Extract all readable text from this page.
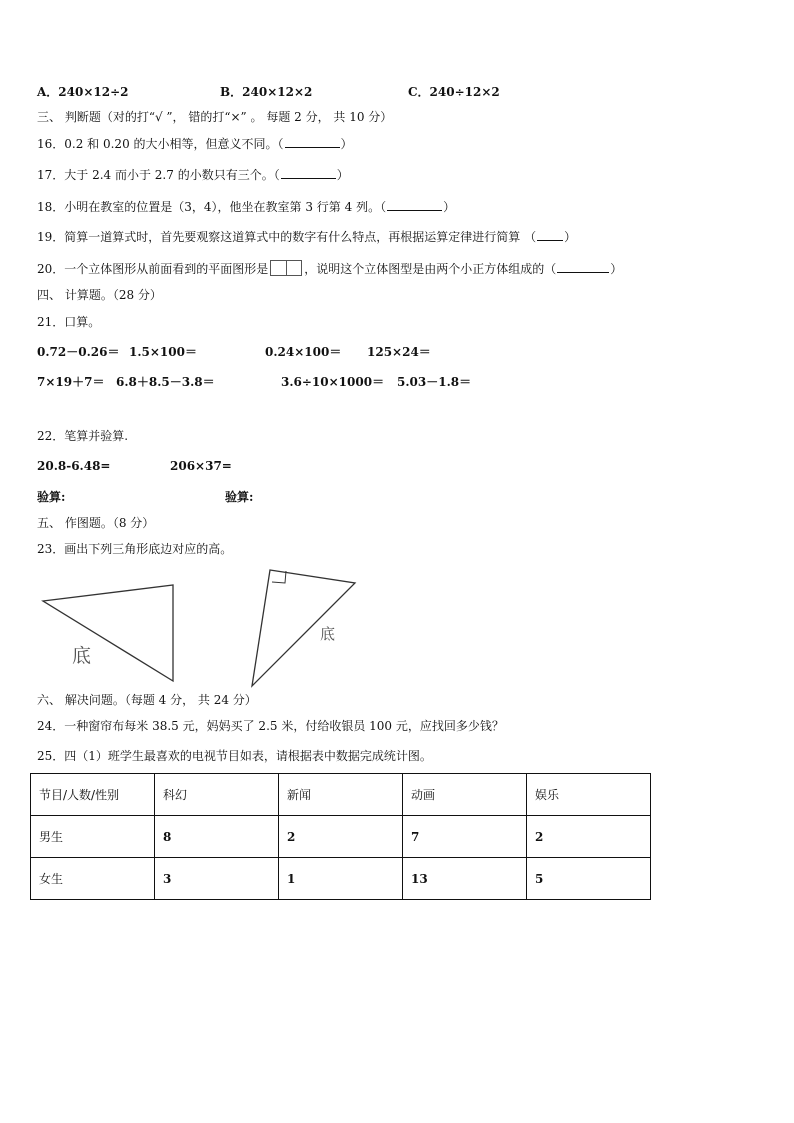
A．240×12÷2	B．240×12×2	C．240÷12×2
三、 判断题（对的打“√ ”， 错的打“×” 。 每题 2 分， 共 10 分）
16．0.2 和 0.20 的大小相等，但意义不同。（	）
17．大于 2.4 而小于 2.7 的小数只有三个。（	）
18．小明在教室的位置是（3，4），他坐在教室第 3 行第 4 列。（	）
19．简算一道算式时，首先要观察这道算式中的数字有什么特点，再根据运算定律进行简算 （ ）
20．一个立体图形从前面看到的平面图形是	，说明这个立体图型是由两个小正方体组成的（	）
四、 计算题。（28 分）
21．口算。
0.72－0.26＝ 1.5×100＝	0.24×100＝ 125×24＝
7×19＋7＝ 6.8＋8.5－3.8＝	3.6÷10×1000＝ 5.03－1.8＝
22．笔算并验算.
20.8-6.48=	206×37=
验算:	验算:
五、 作图题。（8 分）
23．画出下列三角形底边对应的高。
底
底
六、 解决问题。（每题 4 分， 共 24 分）
24．一种窗帘布每米 38.5 元，妈妈买了 2.5 米，付给收银员 100 元，应找回多少钱？
25．四（1）班学生最喜欢的电视节目如表，请根据表中数据完成统计图。
节目/人数/性别	科幻	新闻	动画	娱乐
男生	8	2	7	2
女生	3	1	13	5
